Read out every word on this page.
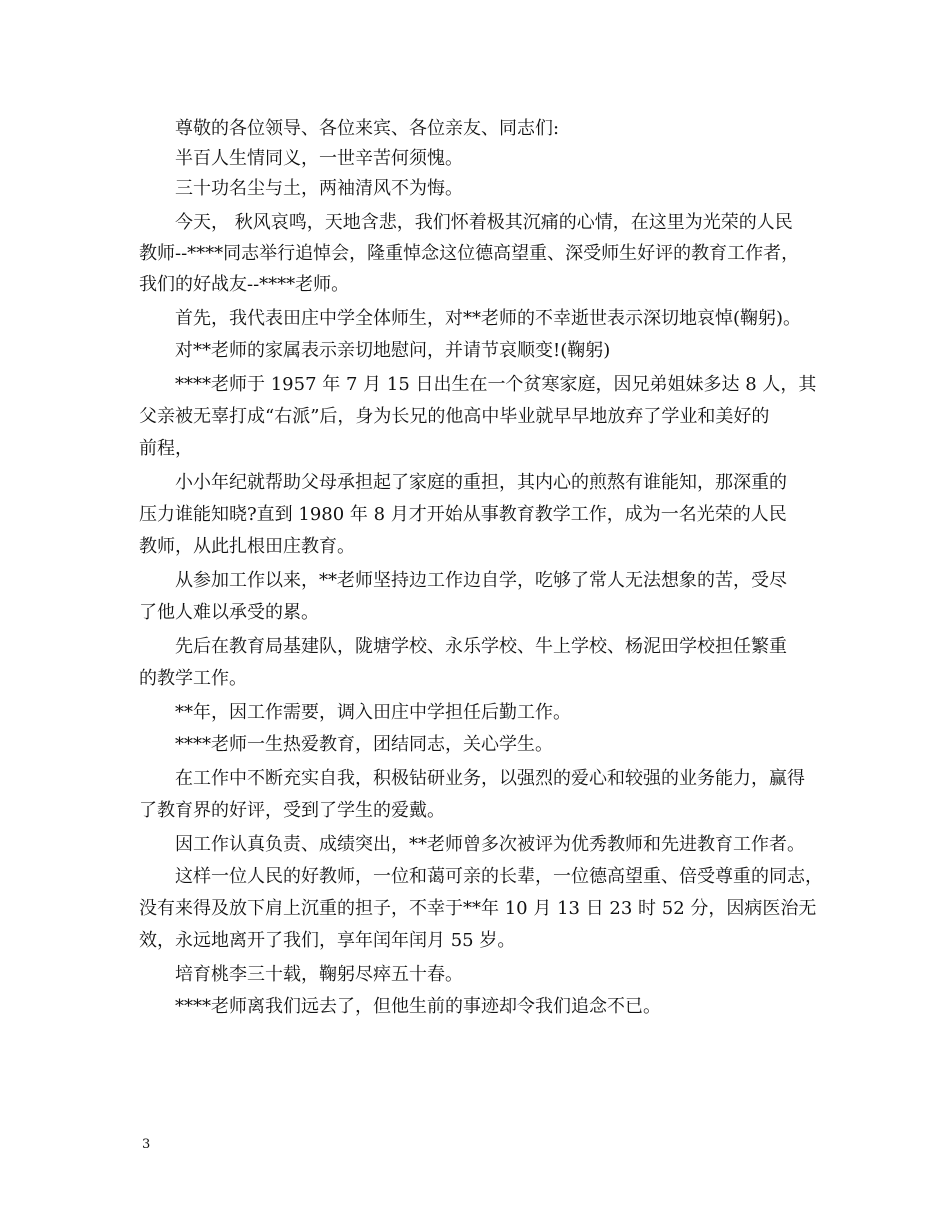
尊敬的各位领导、各位来宾、各位亲友、同志们:
半百人生情同义，一世辛苦何须愧。
三十功名尘与土，两袖清风不为悔。
今天， 秋风哀鸣，天地含悲，我们怀着极其沉痛的心情，在这里为光荣的人民
教师--****同志举行追悼会，隆重悼念这位德高望重、深受师生好评的教育工作者，
我们的好战友--****老师。
首先，我代表田庄中学全体师生，对**老师的不幸逝世表示深切地哀悼(鞠躬)。
对**老师的家属表示亲切地慰问，并请节哀顺变!(鞠躬)
****老师于 1957 年 7 月 15 日出生在一个贫寒家庭，因兄弟姐妹多达 8 人，其
父亲被无辜打成“右派”后，身为长兄的他高中毕业就早早地放弃了学业和美好的
前程，
小小年纪就帮助父母承担起了家庭的重担，其内心的煎熬有谁能知，那深重的
压力谁能知晓?直到 1980 年 8 月才开始从事教育教学工作，成为一名光荣的人民
教师，从此扎根田庄教育。
从参加工作以来，**老师坚持边工作边自学，吃够了常人无法想象的苦，受尽
了他人难以承受的累。
先后在教育局基建队，陇塘学校、永乐学校、牛上学校、杨泥田学校担任繁重
的教学工作。
**年，因工作需要，调入田庄中学担任后勤工作。
****老师一生热爱教育，团结同志，关心学生。
在工作中不断充实自我，积极钻研业务，以强烈的爱心和较强的业务能力，赢得
了教育界的好评，受到了学生的爱戴。
因工作认真负责、成绩突出，**老师曾多次被评为优秀教师和先进教育工作者。
这样一位人民的好教师，一位和蔼可亲的长辈，一位德高望重、倍受尊重的同志，
没有来得及放下肩上沉重的担子，不幸于**年 10 月 13 日 23 时 52 分，因病医治无
效，永远地离开了我们，享年闰年闰月 55 岁。
培育桃李三十载，鞠躬尽瘁五十春。
****老师离我们远去了，但他生前的事迹却令我们追念不已。
3
